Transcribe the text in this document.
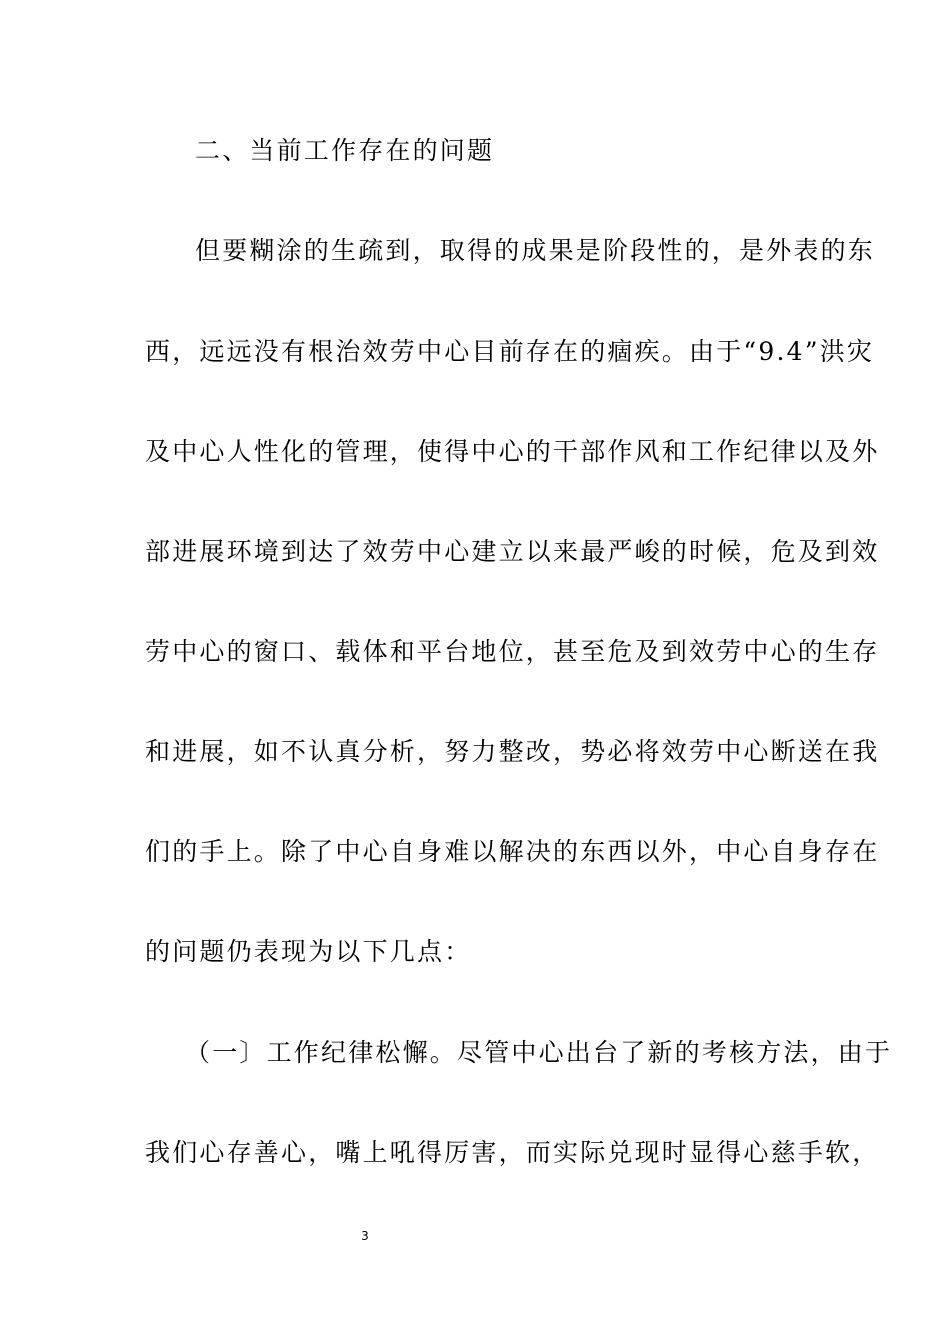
二、当前工作存在的问题
但要糊涂的生疏到，取得的成果是阶段性的，是外表的东
西，远远没有根治效劳中心目前存在的痼疾。由于“9.4”洪灾
及中心人性化的管理，使得中心的干部作风和工作纪律以及外
部进展环境到达了效劳中心建立以来最严峻的时候，危及到效
劳中心的窗口、载体和平台地位，甚至危及到效劳中心的生存
和进展，如不认真分析，努力整改，势必将效劳中心断送在我
们的手上。除了中心自身难以解决的东西以外，中心自身存在
的问题仍表现为以下几点：
（一〕工作纪律松懈。尽管中心出台了新的考核方法，由于
我们心存善心，嘴上吼得厉害，而实际兑现时显得心慈手软，
3
